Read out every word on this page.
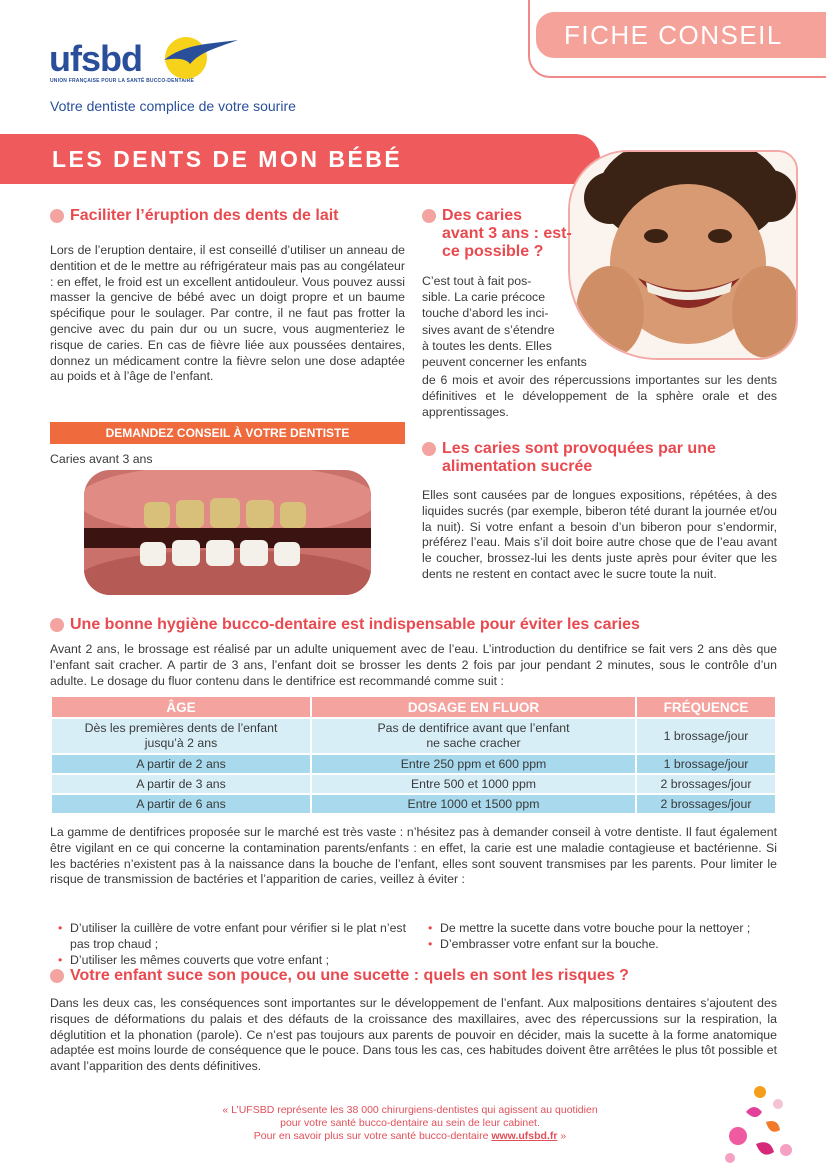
FICHE CONSEIL
ufsbd
UNION FRANÇAISE POUR LA SANTÉ BUCCO-DENTAIRE
Votre dentiste complice de votre sourire
LES DENTS DE MON BÉBÉ
Faciliter l’éruption des dents de lait

Lors de l’eruption dentaire, il est conseillé d’utiliser un anneau de dentition et de le mettre au réfrigérateur mais pas au congélateur : en effet, le froid est un excellent antidouleur. Vous pouvez aussi masser la gencive de bébé avec un doigt propre et un baume spécifique pour le soulager. Par contre, il ne faut pas frotter la gencive avec du pain dur ou un sucre, vous augmenteriez le risque de caries. En cas de fièvre liée aux poussées dentaires, donnez un médicament contre la fièvre selon une dose adaptée au poids et à l’âge de l’enfant.

DEMANDEZ CONSEIL À VOTRE DENTISTE
Caries avant 3 ans
Des caries
avant 3 ans : est-
ce possible ?
C’est tout à fait pos-
sible. La carie précoce
touche d’abord les inci-
sives avant de s’étendre
à toutes les dents. Elles
peuvent concerner les enfants

de 6 mois et avoir des répercussions importantes sur les dents définitives et le développement de la sphère orale et des apprentissages.

Les caries sont provoquées par une
alimentation sucrée

Elles sont causées par de longues expositions, répétées, à des liquides sucrés (par exemple, biberon tété durant la journée et/ou la nuit). Si votre enfant a besoin d’un biberon pour s’endormir, préférez l’eau. Mais s’il doit boire autre chose que de l’eau avant le coucher, brossez-lui les dents juste après pour éviter que les dents ne restent en contact avec le sucre toute la nuit.

Une bonne hygiène bucco-dentaire est indispensable pour éviter les caries

Avant 2 ans, le brossage est réalisé par un adulte uniquement avec de l’eau. L’introduction du dentifrice se fait vers 2 ans dès que l’enfant sait cracher. A partir de 3 ans, l’enfant doit se brosser les dents 2 fois par jour pendant 2 minutes, sous le contrôle d’un adulte. Le dosage du fluor contenu dans le dentifrice est recommandé comme suit :

ÂGE	DOSAGE EN FLUOR	FRÉQUENCE
Dès les premières dents de l’enfant
jusqu’à 2 ans	Pas de dentifrice avant que l’enfant
ne sache cracher	1 brossage/jour
A partir de 2 ans	Entre 250 ppm et 600 ppm	1 brossage/jour
A partir de 3 ans	Entre 500 et 1000 ppm	2 brossages/jour
A partir de 6 ans	Entre 1000 et 1500 ppm	2 brossages/jour

La gamme de dentifrices proposée sur le marché est très vaste : n’hésitez pas à demander conseil à votre dentiste. Il faut également être vigilant en ce qui concerne la contamination parents/enfants : en effet, la carie est une maladie contagieuse et bactérienne. Si les bactéries n’existent pas à la naissance dans la bouche de l’enfant, elles sont souvent transmises par les parents. Pour limiter le risque de transmission de bactéries et l’apparition de caries, veillez à éviter :

• D’utiliser la cuillère de votre enfant pour vérifier si le plat n’est pas trop chaud ;
• D’utiliser les mêmes couverts que votre enfant ;
• De mettre la sucette dans votre bouche pour la nettoyer ;
• D’embrasser votre enfant sur la bouche.
Votre enfant suce son pouce, ou une sucette : quels en sont les risques ?

Dans les deux cas, les conséquences sont importantes sur le développement de l’enfant. Aux malpositions dentaires s’ajoutent des risques de déformations du palais et des défauts de la croissance des maxillaires, avec des répercussions sur la respiration, la déglutition et la phonation (parole). Ce n’est pas toujours aux parents de pouvoir en décider, mais la sucette à la forme anatomique adaptée est moins lourde de conséquence que le pouce. Dans tous les cas, ces habitudes doivent être arrêtées le plus tôt possible et avant l’apparition des dents définitives.

« L’UFSBD représente les 38 000 chirurgiens-dentistes qui agissent au quotidien
pour votre santé bucco-dentaire au sein de leur cabinet.
Pour en savoir plus sur votre santé bucco-dentaire www.ufsbd.fr »
